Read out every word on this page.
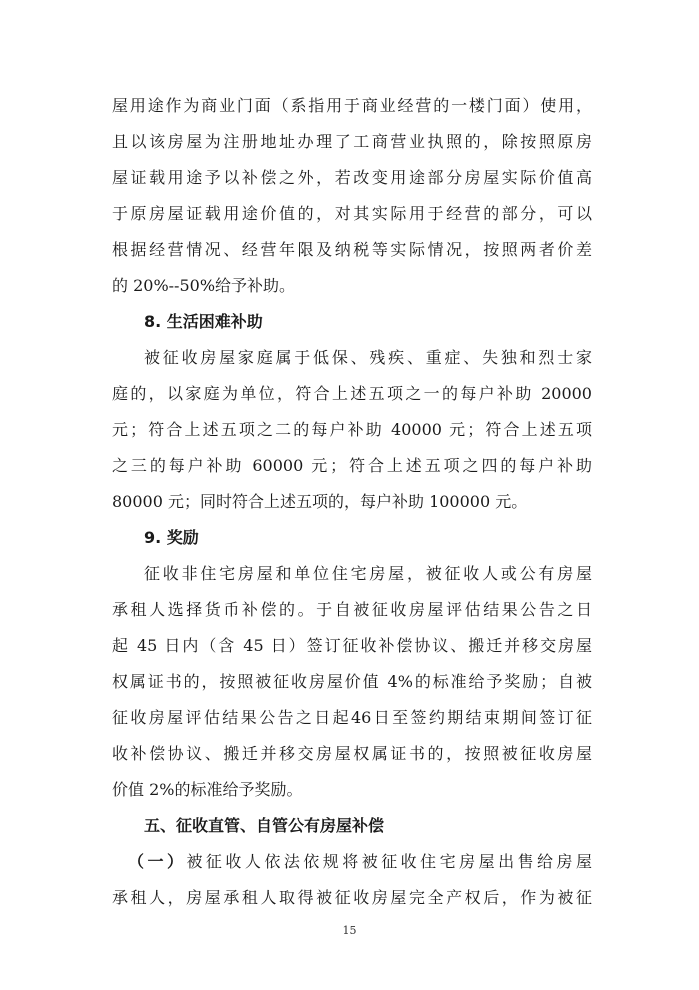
屋用途作为商业门面（系指用于商业经营的一楼门面）使用，
且以该房屋为注册地址办理了工商营业执照的，除按照原房
屋证载用途予以补偿之外，若改变用途部分房屋实际价值高
于原房屋证载用途价值的，对其实际用于经营的部分，可以
根据经营情况、经营年限及纳税等实际情况，按照两者价差
的 20%--50%给予补助。
8. 生活困难补助
被征收房屋家庭属于低保、残疾、重症、失独和烈士家
庭的，以家庭为单位，符合上述五项之一的每户补助 20000
元；符合上述五项之二的每户补助 40000 元；符合上述五项
之三的每户补助 60000 元；符合上述五项之四的每户补助
80000 元；同时符合上述五项的，每户补助 100000 元。
9. 奖励
征收非住宅房屋和单位住宅房屋，被征收人或公有房屋
承租人选择货币补偿的。于自被征收房屋评估结果公告之日
起 45 日内（含 45 日）签订征收补偿协议、搬迁并移交房屋
权属证书的，按照被征收房屋价值 4%的标准给予奖励；自被
征收房屋评估结果公告之日起46日至签约期结束期间签订征
收补偿协议、搬迁并移交房屋权属证书的，按照被征收房屋
价值 2%的标准给予奖励。
五、征收直管、自管公有房屋补偿
（一）被征收人依法依规将被征收住宅房屋出售给房屋
承租人，房屋承租人取得被征收房屋完全产权后，作为被征
15
